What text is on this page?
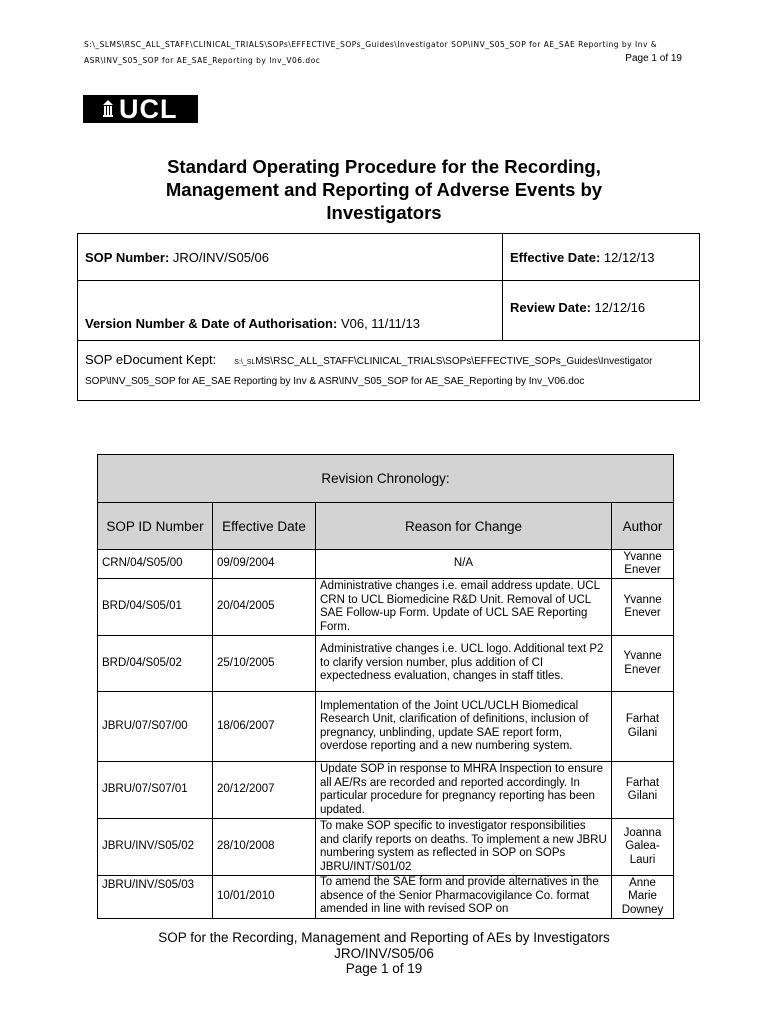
S:\_SLMS\RSC_ALL_STAFF\CLINICAL_TRIALS\SOPs\EFFECTIVE_SOPs_Guides\Investigator SOP\INV_S05_SOP for AE_SAE Reporting by Inv &
ASR\INV_S05_SOP for AE_SAE_Reporting by Inv_V06.doc	Page 1 of 19
UCL
Standard Operating Procedure for the Recording,
Management and Reporting of Adverse Events by
Investigators
SOP Number: JRO/INV/S05/06	Effective Date: 12/12/13
Version Number & Date of Authorisation: V06, 11/11/13	Review Date: 12/12/16

SOP eDocument Kept: S:\_SLMS\RSC_ALL_STAFF\CLINICAL_TRIALS\SOPs\EFFECTIVE_SOPs_Guides\Investigator
SOP\INV_S05_SOP for AE_SAE Reporting by Inv & ASR\INV_S05_SOP for AE_SAE_Reporting by Inv_V06.doc	
Revision Chronology:			
SOP ID Number	Effective Date	Reason for Change	Author
CRN/04/S05/00	09/09/2004	N/A	Yvanne Enever
BRD/04/S05/01	20/04/2005	Administrative changes i.e. email address update. UCL CRN to UCL Biomedicine R&D Unit. Removal of UCL SAE Follow-up Form. Update of UCL SAE Reporting Form.	Yvanne Enever
BRD/04/S05/02	25/10/2005	Administrative changes i.e. UCL logo. Additional text P2 to clarify version number, plus addition of CI expectedness evaluation, changes in staff titles.	Yvanne Enever
JBRU/07/S07/00	18/06/2007	Implementation of the Joint UCL/UCLH Biomedical Research Unit, clarification of definitions, inclusion of pregnancy, unblinding, update SAE report form, overdose reporting and a new numbering system.	Farhat Gilani
JBRU/07/S07/01	20/12/2007	Update SOP in response to MHRA Inspection to ensure all AE/Rs are recorded and reported accordingly. In particular procedure for pregnancy reporting has been updated.	Farhat Gilani
JBRU/INV/S05/02	28/10/2008	To make SOP specific to investigator responsibilities and clarify reports on deaths. To implement a new JBRU numbering system as reflected in SOP on SOPs JBRU/INT/S01/02	Joanna Galea-Lauri
JBRU/INV/S05/03	10/01/2010	To amend the SAE form and provide alternatives in the absence of the Senior Pharmacovigilance Co. format amended in line with revised SOP on	Anne Marie Downey
SOP for the Recording, Management and Reporting of AEs by Investigators
JRO/INV/S05/06
Page 1 of 19
